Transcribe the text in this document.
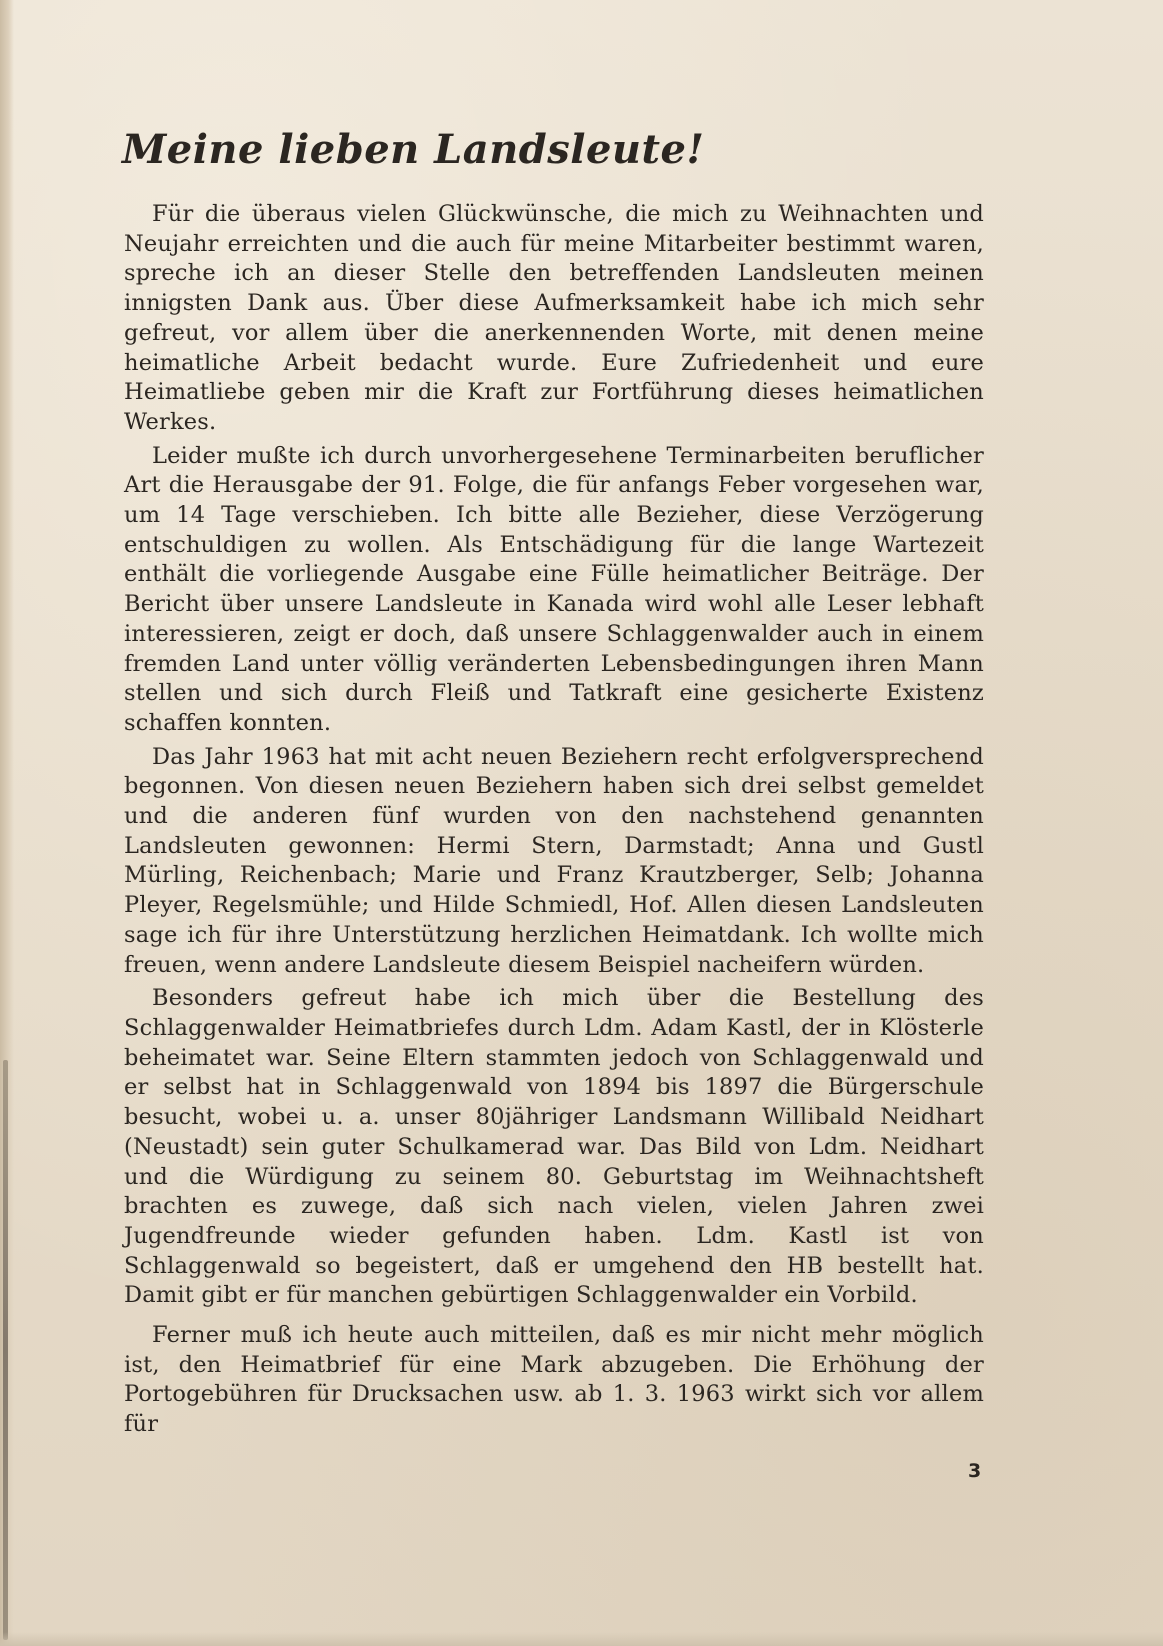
Meine lieben Landsleute!

Für die überaus vielen Glückwünsche, die mich zu Weihnachten und Neujahr erreichten und die auch für meine Mitarbeiter bestimmt waren, spreche ich an dieser Stelle den betreffenden Landsleuten meinen innigsten Dank aus. Über diese Aufmerksamkeit habe ich mich sehr gefreut, vor allem über die anerkennenden Worte, mit denen meine heimatliche Arbeit bedacht wurde. Eure Zufriedenheit und eure Heimatliebe geben mir die Kraft zur Fortführung dieses heimatlichen Werkes.

Leider mußte ich durch unvorhergesehene Terminarbeiten beruflicher Art die Herausgabe der 91. Folge, die für anfangs Feber vorgesehen war, um 14 Tage verschieben. Ich bitte alle Bezieher, diese Verzögerung entschuldigen zu wollen. Als Entschädigung für die lange Wartezeit enthält die vorliegende Ausgabe eine Fülle heimatlicher Beiträge. Der Bericht über unsere Landsleute in Kanada wird wohl alle Leser lebhaft interessieren, zeigt er doch, daß unsere Schlaggenwalder auch in einem fremden Land unter völlig veränderten Lebensbedingungen ihren Mann stellen und sich durch Fleiß und Tatkraft eine gesicherte Existenz schaffen konnten.

Das Jahr 1963 hat mit acht neuen Beziehern recht erfolgversprechend begonnen. Von diesen neuen Beziehern haben sich drei selbst gemeldet und die anderen fünf wurden von den nachstehend genannten Landsleuten gewonnen: Hermi Stern, Darmstadt; Anna und Gustl Mürling, Reichenbach; Marie und Franz Krautzberger, Selb; Johanna Pleyer, Regelsmühle; und Hilde Schmiedl, Hof. Allen diesen Landsleuten sage ich für ihre Unterstützung herzlichen Heimatdank. Ich wollte mich freuen, wenn andere Landsleute diesem Beispiel nacheifern würden.

Besonders gefreut habe ich mich über die Bestellung des Schlaggenwalder Heimatbriefes durch Ldm. Adam Kastl, der in Klösterle beheimatet war. Seine Eltern stammten jedoch von Schlaggenwald und er selbst hat in Schlaggenwald von 1894 bis 1897 die Bürgerschule besucht, wobei u. a. unser 80jähriger Landsmann Willibald Neidhart (Neustadt) sein guter Schulkamerad war. Das Bild von Ldm. Neidhart und die Würdigung zu seinem 80. Geburtstag im Weihnachtsheft brachten es zuwege, daß sich nach vielen, vielen Jahren zwei Jugendfreunde wieder gefunden haben. Ldm. Kastl ist von Schlaggenwald so begeistert, daß er umgehend den HB bestellt hat. Damit gibt er für manchen gebürtigen Schlaggenwalder ein Vorbild.

Ferner muß ich heute auch mitteilen, daß es mir nicht mehr möglich ist, den Heimatbrief für eine Mark abzugeben. Die Erhöhung der Portogebühren für Drucksachen usw. ab 1. 3. 1963 wirkt sich vor allem für

3
